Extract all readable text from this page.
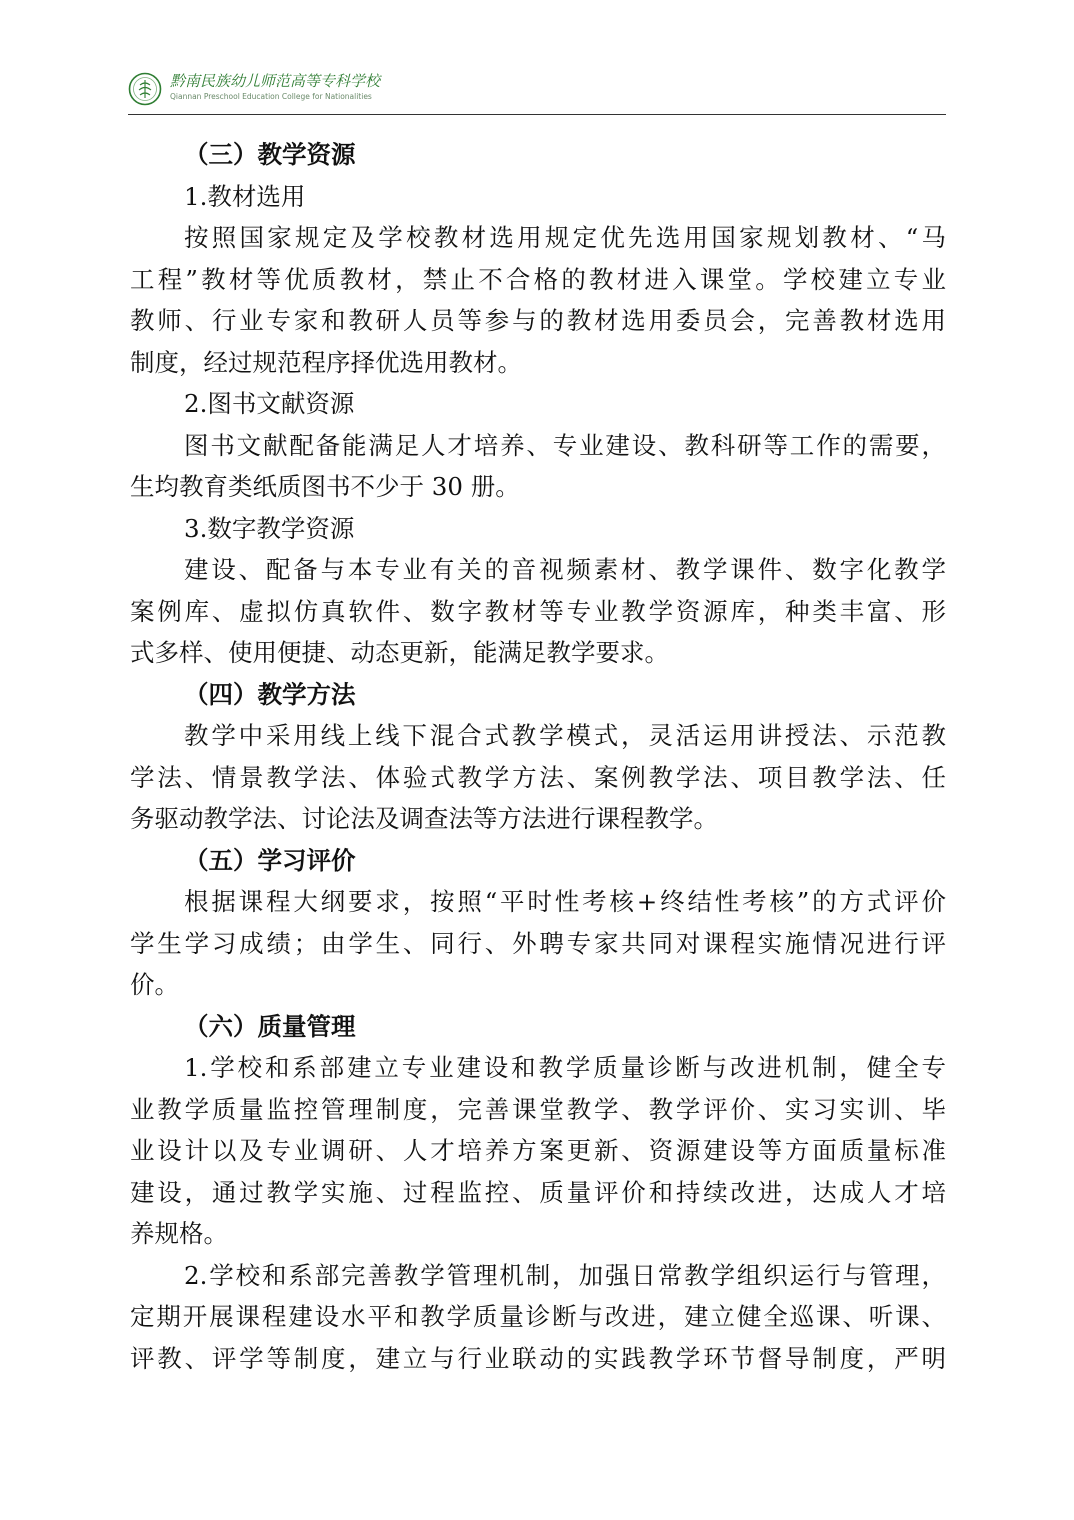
黔南民族幼儿师范高等专科学校
Qiannan Preschool Education College for Nationalities
（三）教学资源
1.教材选用
按照国家规定及学校教材选用规定优先选用国家规划教材、“马
工程”教材等优质教材，禁止不合格的教材进入课堂。学校建立专业
教师、行业专家和教研人员等参与的教材选用委员会，完善教材选用
制度，经过规范程序择优选用教材。
2.图书文献资源
图书文献配备能满足人才培养、专业建设、教科研等工作的需要，
生均教育类纸质图书不少于 30 册。
3.数字教学资源
建设、配备与本专业有关的音视频素材、教学课件、数字化教学
案例库、虚拟仿真软件、数字教材等专业教学资源库，种类丰富、形
式多样、使用便捷、动态更新，能满足教学要求。
（四）教学方法
教学中采用线上线下混合式教学模式，灵活运用讲授法、示范教
学法、情景教学法、体验式教学方法、案例教学法、项目教学法、任
务驱动教学法、讨论法及调查法等方法进行课程教学。
（五）学习评价
根据课程大纲要求，按照“平时性考核+终结性考核”的方式评价
学生学习成绩；由学生、同行、外聘专家共同对课程实施情况进行评
价。
（六）质量管理
1.学校和系部建立专业建设和教学质量诊断与改进机制，健全专
业教学质量监控管理制度，完善课堂教学、教学评价、实习实训、毕
业设计以及专业调研、人才培养方案更新、资源建设等方面质量标准
建设，通过教学实施、过程监控、质量评价和持续改进，达成人才培
养规格。
2.学校和系部完善教学管理机制，加强日常教学组织运行与管理，
定期开展课程建设水平和教学质量诊断与改进，建立健全巡课、听课、
评教、评学等制度，建立与行业联动的实践教学环节督导制度，严明
